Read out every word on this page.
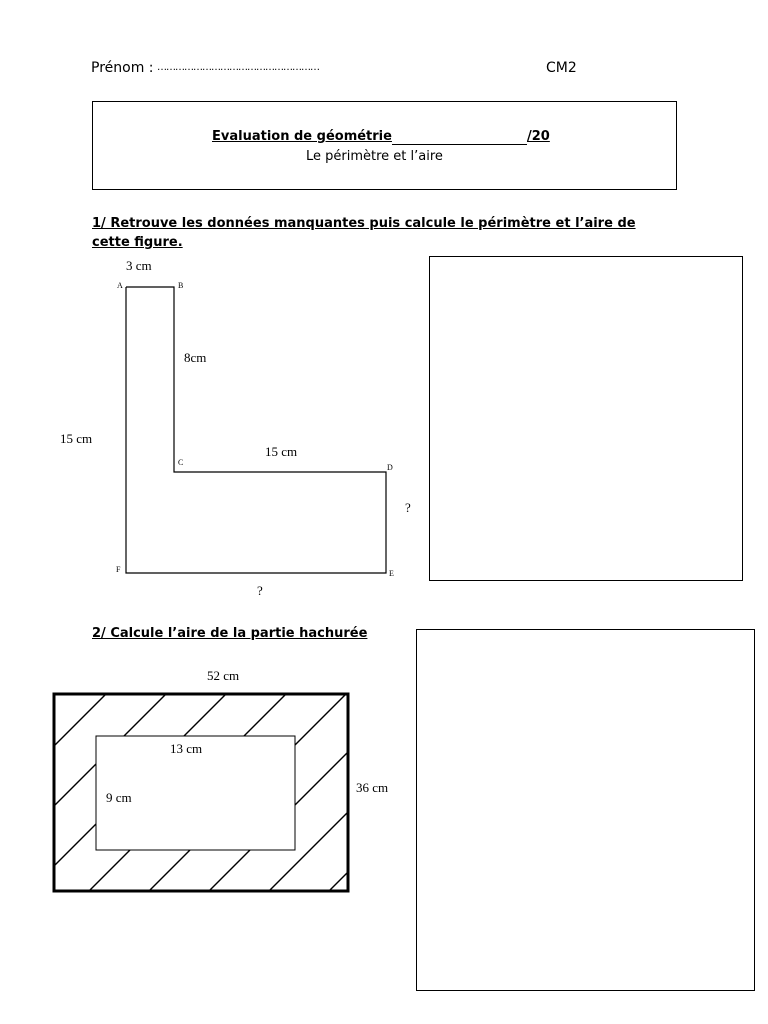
Prénom : ………………………………………………	CM2
Evaluation de géométrie	/20
Le périmètre et l’aire
1/ Retrouve les données manquantes puis calcule le périmètre et l’aire de
cette figure.
2/ Calcule l’aire de la partie hachurée
A	B
C
D
E
F
3 cm
8cm
15 cm
15 cm
?
?
52 cm
36 cm
13 cm
9 cm
